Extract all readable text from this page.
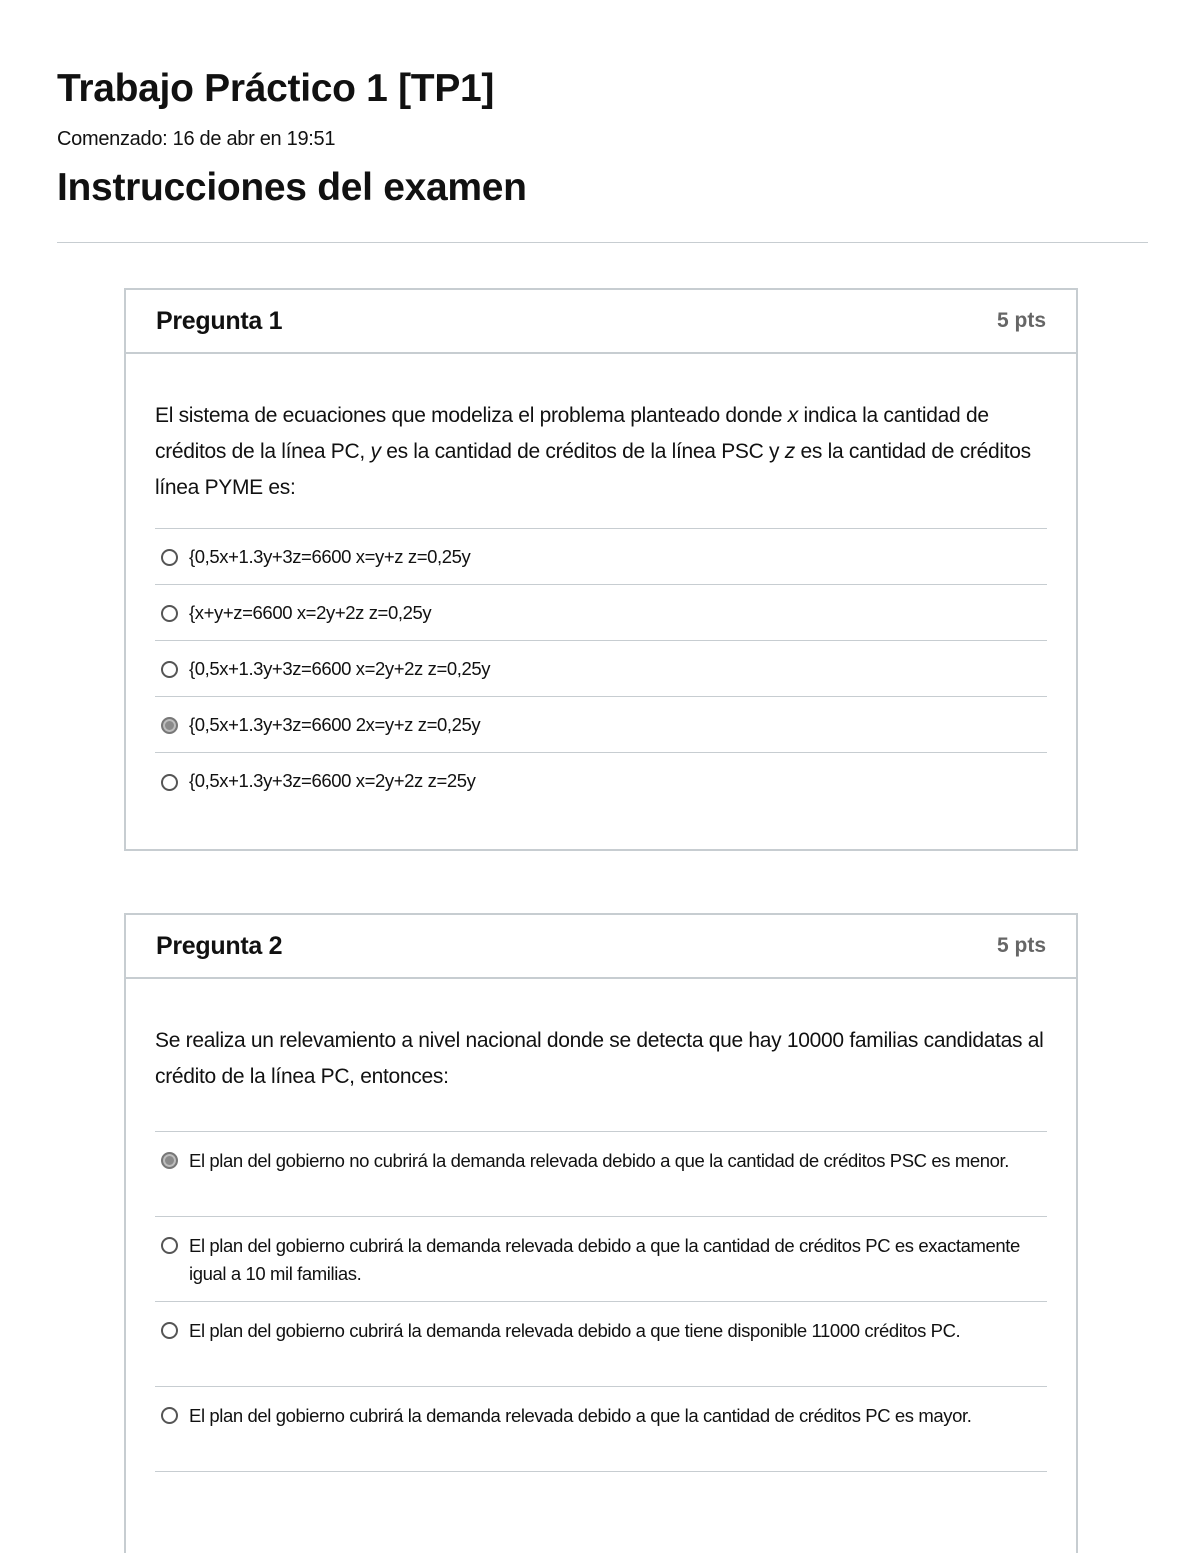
Trabajo Práctico 1 [TP1]

Comenzado: 16 de abr en 19:51

Instrucciones del examen
Pregunta 1	5 pts

El sistema de ecuaciones que modeliza el problema planteado donde x indica la cantidad de créditos de la línea PC, y es la cantidad de créditos de la línea PSC y z es la cantidad de créditos línea PYME es:

{0,5x+1.3y+3z=6600 x=y+z z=0,25y
{x+y+z=6600 x=2y+2z z=0,25y
{0,5x+1.3y+3z=6600 x=2y+2z z=0,25y
{0,5x+1.3y+3z=6600 2x=y+z z=0,25y
{0,5x+1.3y+3z=6600 x=2y+2z z=25y
Pregunta 2	5 pts

Se realiza un relevamiento a nivel nacional donde se detecta que hay 10000 familias candidatas al crédito de la línea PC, entonces:

El plan del gobierno no cubrirá la demanda relevada debido a que la cantidad de créditos PSC es menor.
El plan del gobierno cubrirá la demanda relevada debido a que la cantidad de créditos PC es exactamente igual a 10 mil familias.
El plan del gobierno cubrirá la demanda relevada debido a que tiene disponible 11000 créditos PC.
El plan del gobierno cubrirá la demanda relevada debido a que la cantidad de créditos PC es mayor.
